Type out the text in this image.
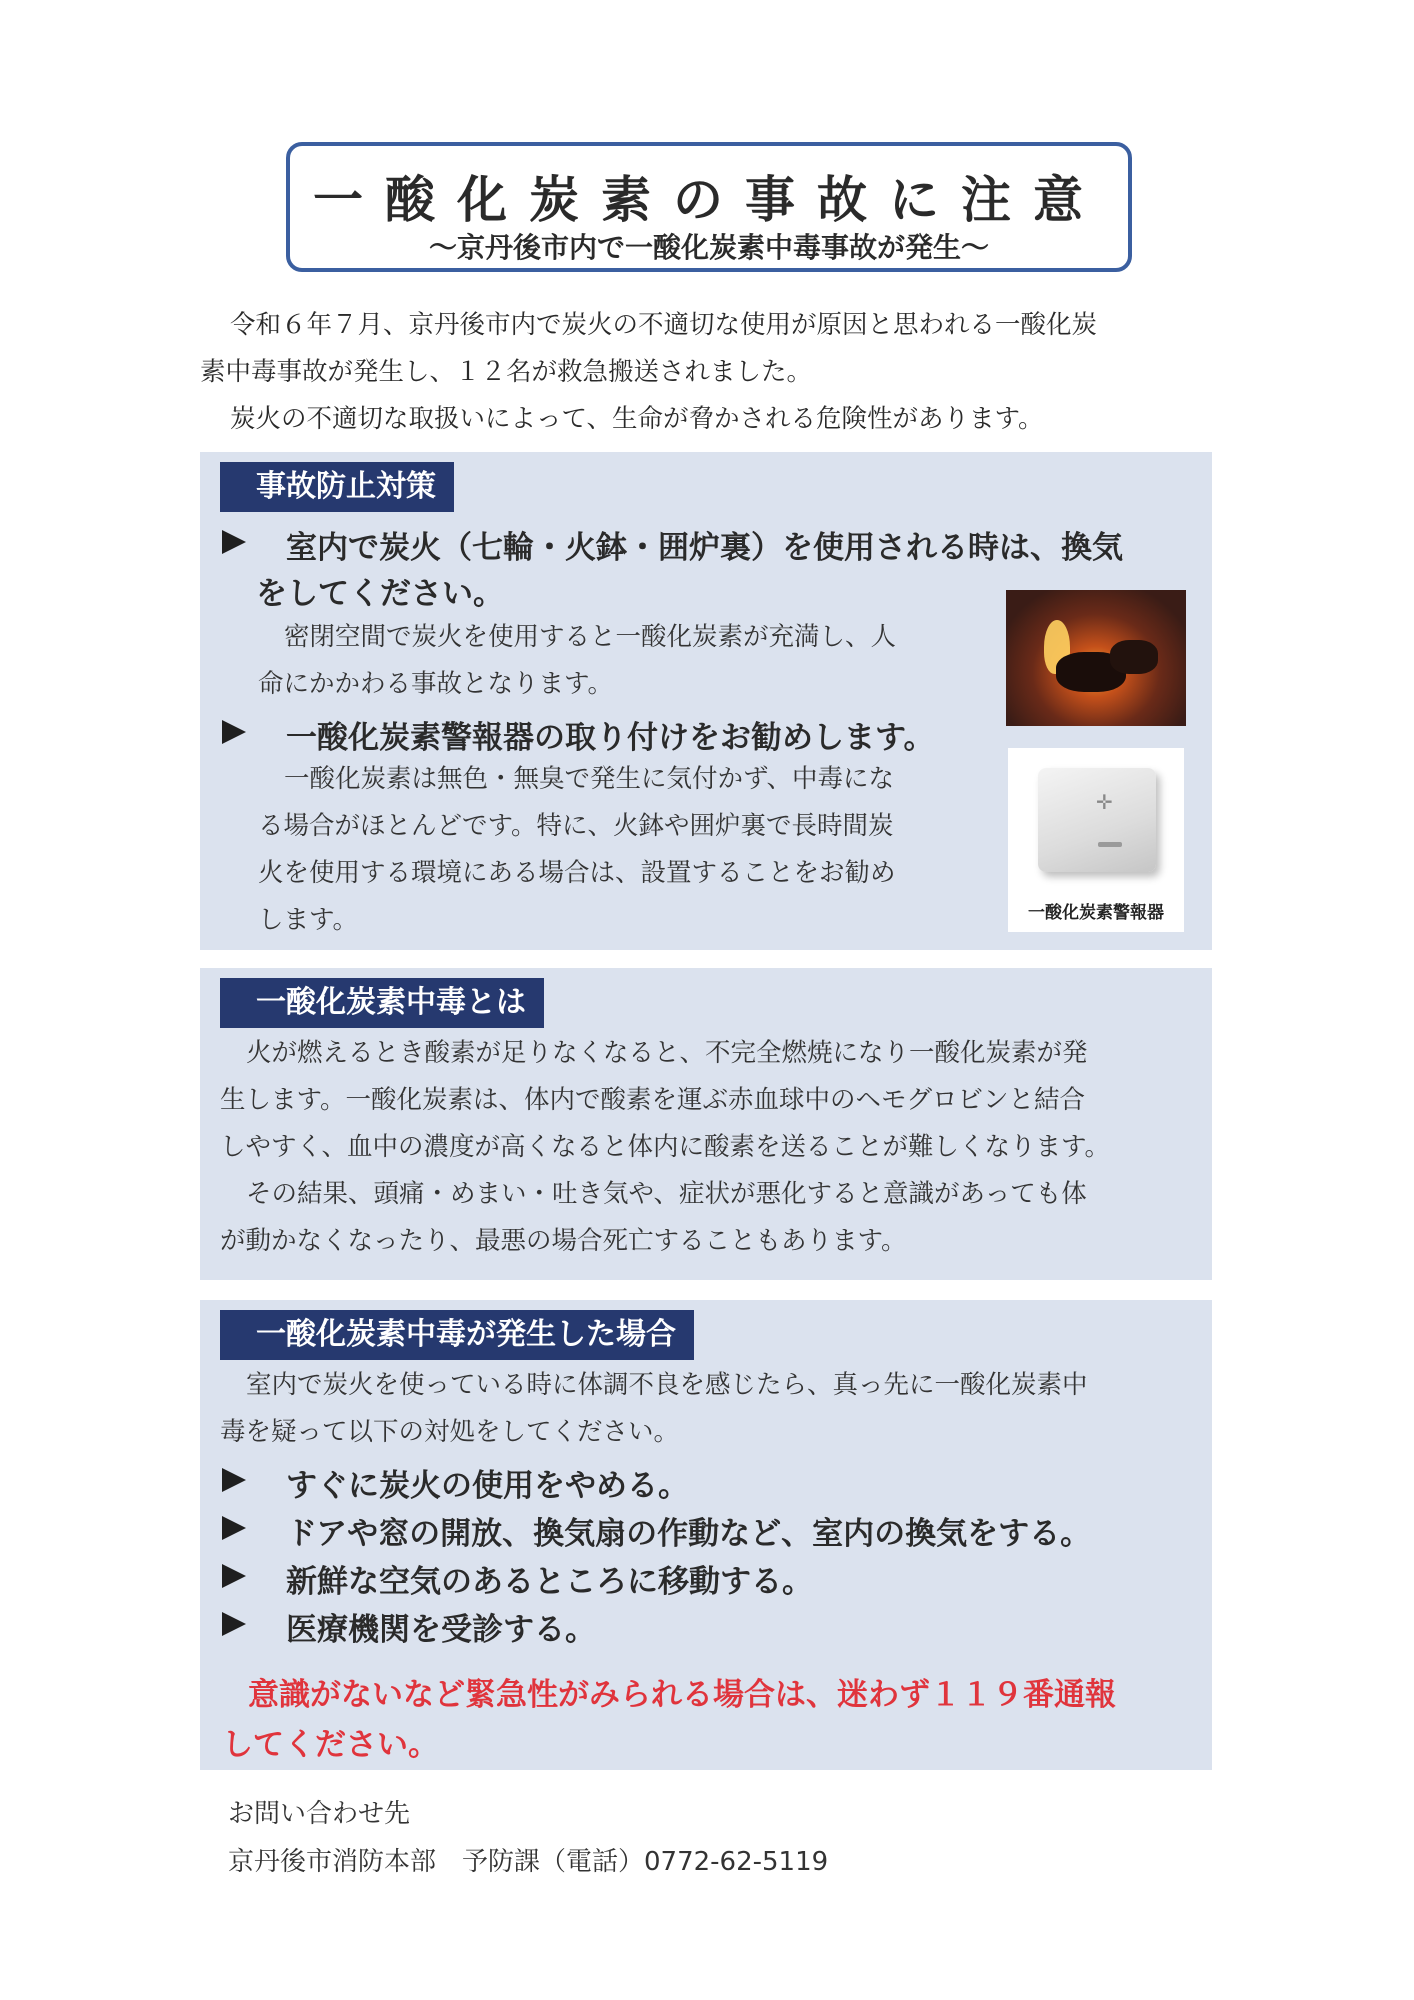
一酸化炭素の事故に注意
～京丹後市内で一酸化炭素中毒事故が発生～

令和６年７月、京丹後市内で炭火の不適切な使用が原因と思われる一酸化炭

素中毒事故が発生し、１２名が救急搬送されました。

炭火の不適切な取扱いによって、生命が脅かされる危険性があります。

事故防止対策
室内で炭火（七輪・火鉢・囲炉裏）を使用される時は、換気
をしてください。

密閉空間で炭火を使用すると一酸化炭素が充満し、人

命にかかわる事故となります。

一酸化炭素警報器の取り付けをお勧めします。

一酸化炭素は無色・無臭で発生に気付かず、中毒にな

る場合がほとんどです。特に、火鉢や囲炉裏で長時間炭

火を使用する環境にある場合は、設置することをお勧め

します。

✛
一酸化炭素警報器
一酸化炭素中毒とは

火が燃えるとき酸素が足りなくなると、不完全燃焼になり一酸化炭素が発

生します。一酸化炭素は、体内で酸素を運ぶ赤血球中のヘモグロビンと結合

しやすく、血中の濃度が高くなると体内に酸素を送ることが難しくなります。

その結果、頭痛・めまい・吐き気や、症状が悪化すると意識があっても体

が動かなくなったり、最悪の場合死亡することもあります。

一酸化炭素中毒が発生した場合

室内で炭火を使っている時に体調不良を感じたら、真っ先に一酸化炭素中

毒を疑って以下の対処をしてください。

すぐに炭火の使用をやめる。
ドアや窓の開放、換気扇の作動など、室内の換気をする。
新鮮な空気のあるところに移動する。
医療機関を受診する。

意識がないなど緊急性がみられる場合は、迷わず１１９番通報

してください。

お問い合わせ先

京丹後市消防本部　予防課（電話）0772-62-5119
